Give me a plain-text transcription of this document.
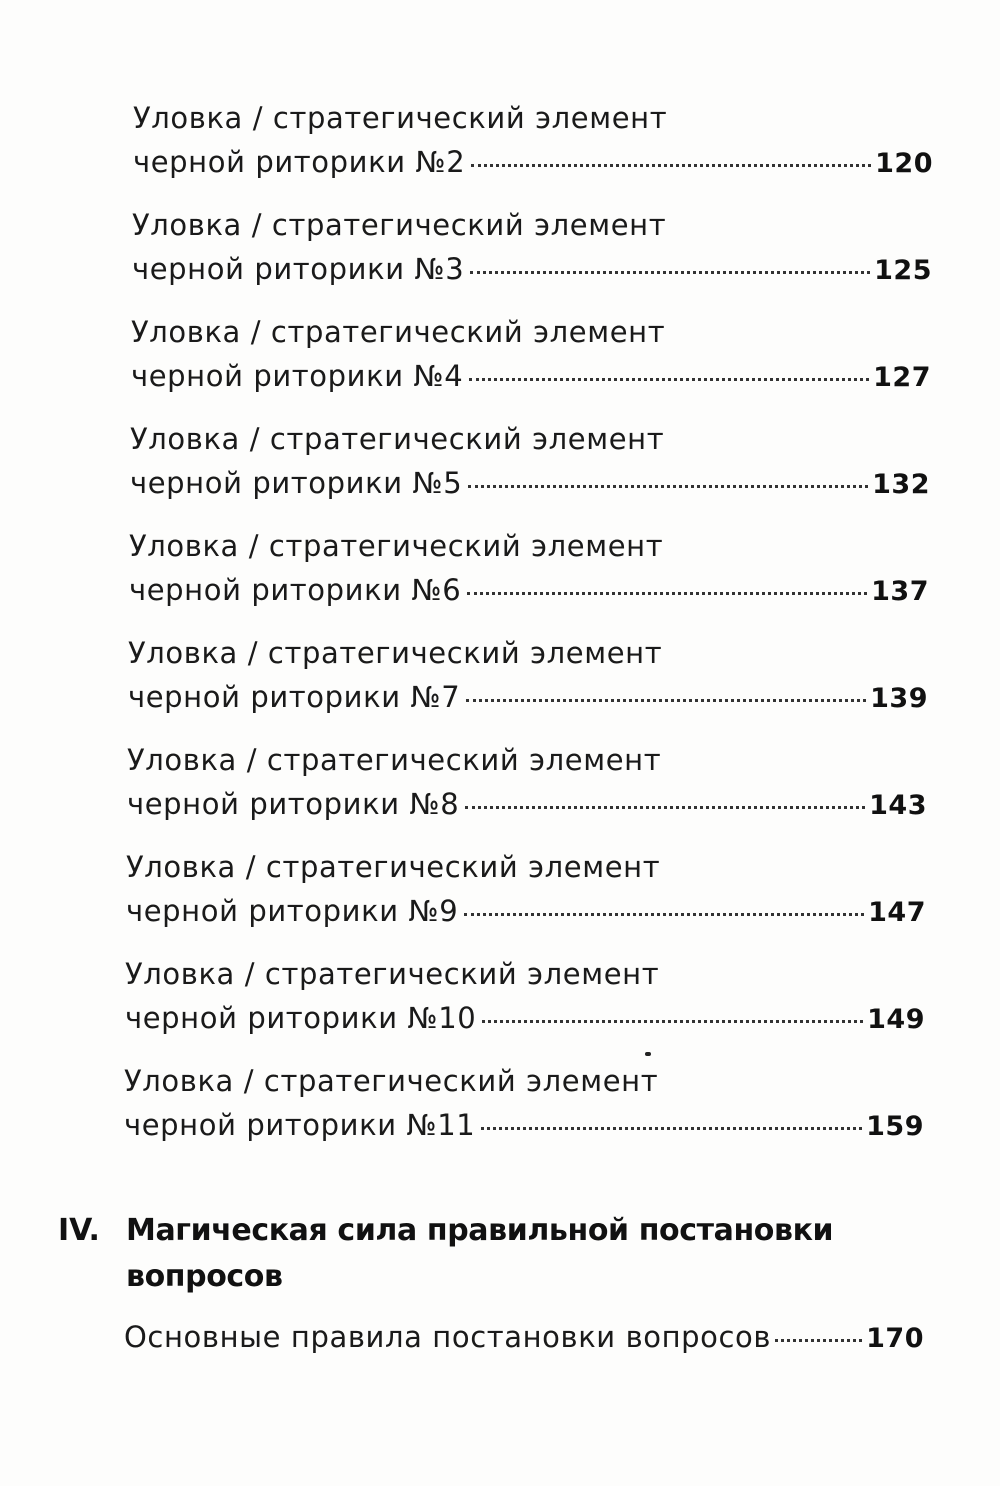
Уловка / стратегический элемент
черной риторики №2	120
Уловка / стратегический элемент
черной риторики №3	125
Уловка / стратегический элемент
черной риторики №4	127
Уловка / стратегический элемент
черной риторики №5	132
Уловка / стратегический элемент
черной риторики №6	137
Уловка / стратегический элемент
черной риторики №7	139
Уловка / стратегический элемент
черной риторики №8	143
Уловка / стратегический элемент
черной риторики №9	147
Уловка / стратегический элемент
черной риторики №10	149
Уловка / стратегический элемент
черной риторики №11	159
IV. Магическая сила правильной постановки
вопросов
Основные правила постановки вопросов	170
